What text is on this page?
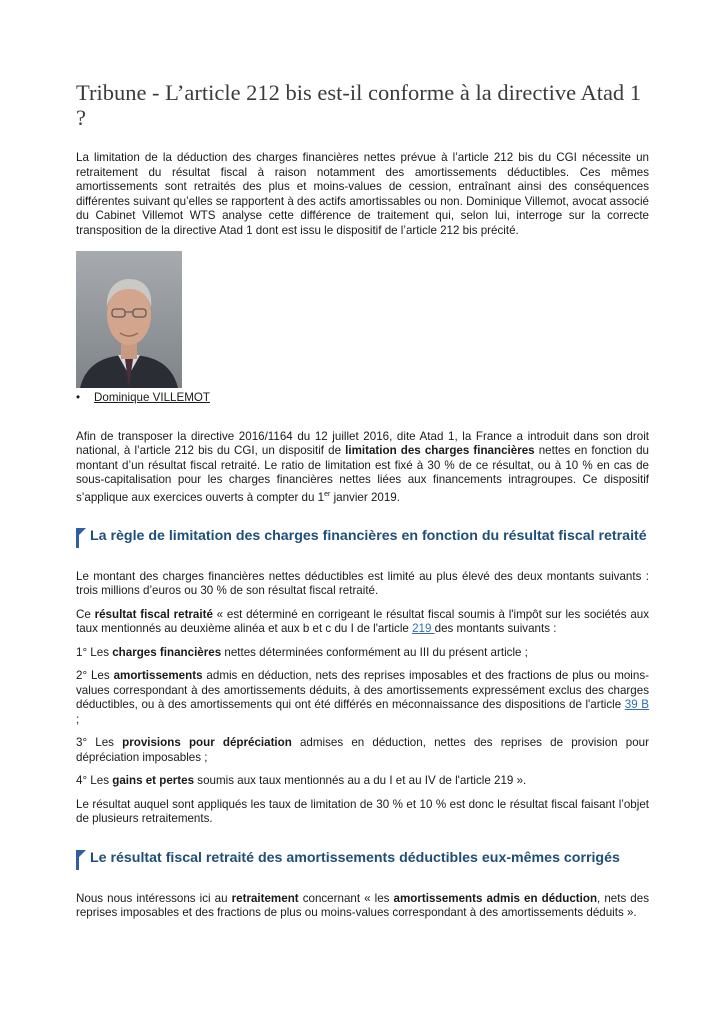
Tribune - L’article 212 bis est-il conforme à la directive Atad 1 ?

La limitation de la déduction des charges financières nettes prévue à l’article 212 bis du CGI nécessite un retraitement du résultat fiscal à raison notamment des amortissements déductibles. Ces mêmes amortissements sont retraités des plus et moins-values de cession, entraînant ainsi des conséquences différentes suivant qu’elles se rapportent à des actifs amortissables ou non. Dominique Villemot, avocat associé du Cabinet Villemot WTS analyse cette différence de traitement qui, selon lui, interroge sur la correcte transposition de la directive Atad 1 dont est issu le dispositif de l’article 212 bis précité.

• Dominique VILLEMOT

Afin de transposer la directive 2016/1164 du 12 juillet 2016, dite Atad 1, la France a introduit dans son droit national, à l’article 212 bis du CGI, un dispositif de limitation des charges financières nettes en fonction du montant d’un résultat fiscal retraité. Le ratio de limitation est fixé à 30 % de ce résultat, ou à 10 % en cas de sous-capitalisation pour les charges financières nettes liées aux financements intragroupes. Ce dispositif s’applique aux exercices ouverts à compter du 1er janvier 2019.

La règle de limitation des charges financières en fonction du résultat fiscal retraité

Le montant des charges financières nettes déductibles est limité au plus élevé des deux montants suivants : trois millions d’euros ou 30 % de son résultat fiscal retraité.

Ce résultat fiscal retraité « est déterminé en corrigeant le résultat fiscal soumis à l'impôt sur les sociétés aux taux mentionnés au deuxième alinéa et aux b et c du I de l'article 219 des montants suivants :

1° Les charges financières nettes déterminées conformément au III du présent article ;

2° Les amortissements admis en déduction, nets des reprises imposables et des fractions de plus ou moins-values correspondant à des amortissements déduits, à des amortissements expressément exclus des charges déductibles, ou à des amortissements qui ont été différés en méconnaissance des dispositions de l'article 39 B ;

3° Les provisions pour dépréciation admises en déduction, nettes des reprises de provision pour dépréciation imposables ;

4° Les gains et pertes soumis aux taux mentionnés au a du I et au IV de l'article 219 ».

Le résultat auquel sont appliqués les taux de limitation de 30 % et 10 % est donc le résultat fiscal faisant l’objet de plusieurs retraitements.

Le résultat fiscal retraité des amortissements déductibles eux-mêmes corrigés

Nous nous intéressons ici au retraitement concernant « les amortissements admis en déduction, nets des reprises imposables et des fractions de plus ou moins-values correspondant à des amortissements déduits ».
